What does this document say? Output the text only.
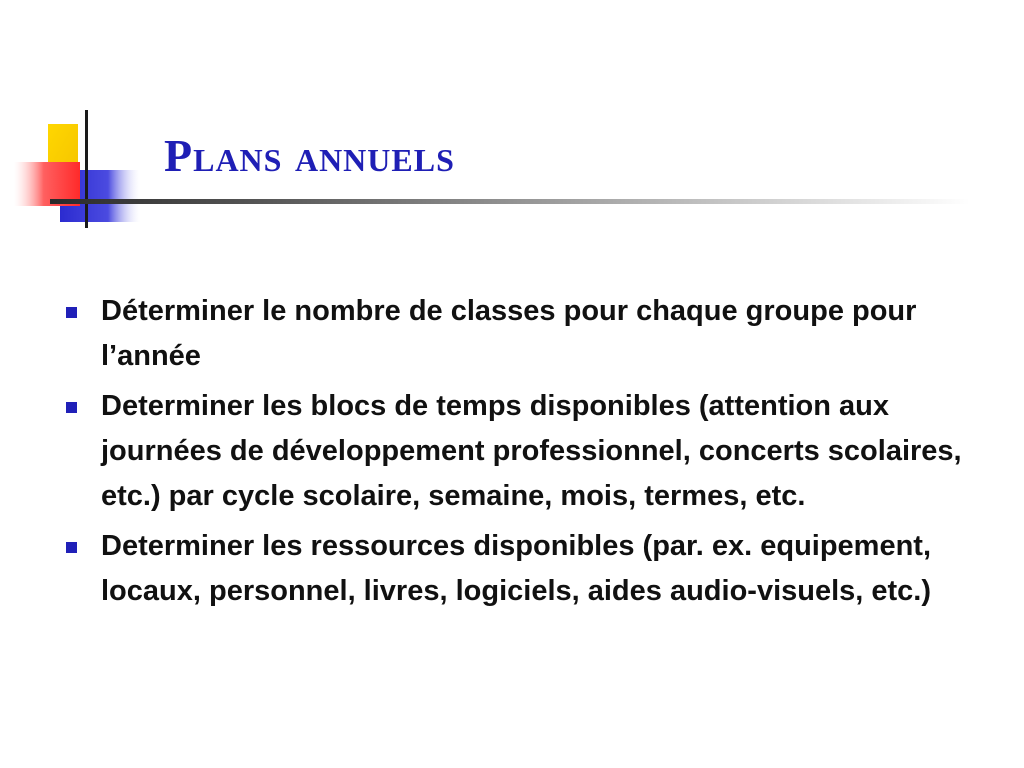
Plans annuels
Déterminer le nombre de classes pour chaque groupe pour l’année
Determiner les blocs de temps disponibles (attention aux journées de développement professionnel, concerts scolaires, etc.) par cycle scolaire, semaine, mois, termes, etc.
Determiner les ressources disponibles (par. ex. equipement, locaux, personnel, livres, logiciels, aides audio-visuels, etc.)
